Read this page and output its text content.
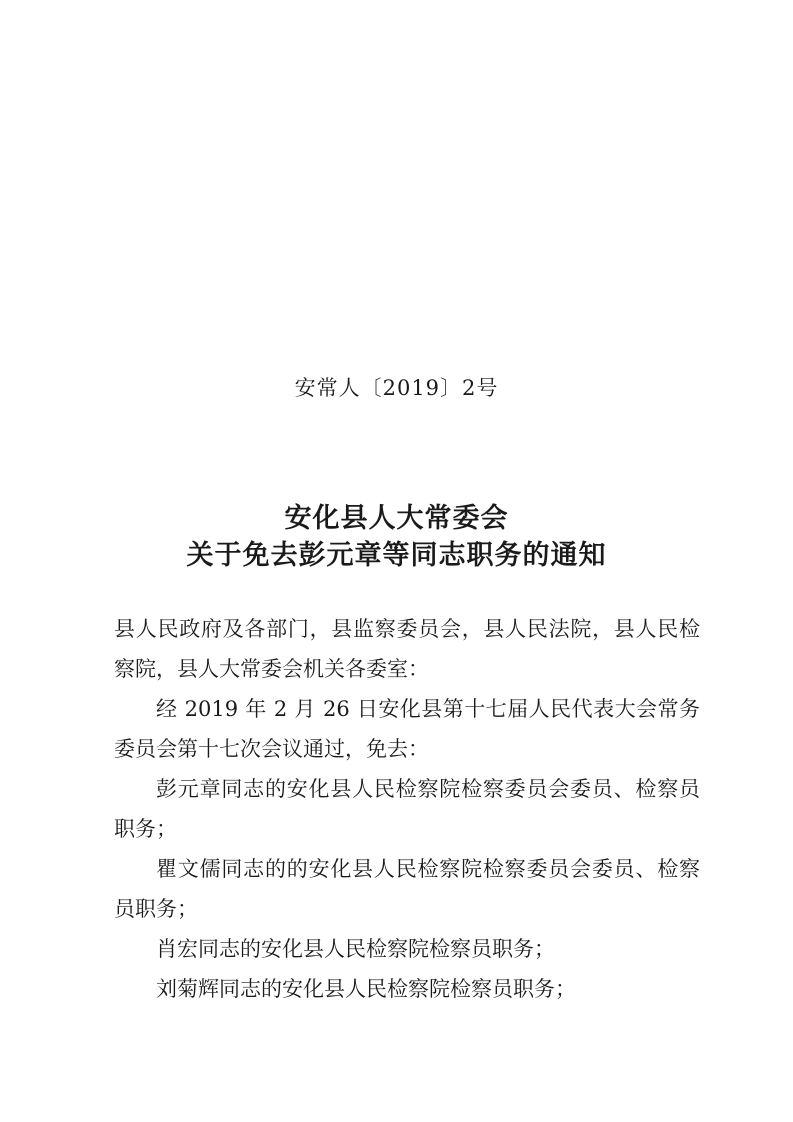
安常人〔2019〕2号
安化县人大常委会
关于免去彭元章等同志职务的通知

县人民政府及各部门，县监察委员会，县人民法院，县人民检察院，县人大常委会机关各委室：

经 2019 年 2 月 26 日安化县第十七届人民代表大会常务委员会第十七次会议通过，免去：

彭元章同志的安化县人民检察院检察委员会委员、检察员职务；

瞿文儒同志的的安化县人民检察院检察委员会委员、检察员职务；

肖宏同志的安化县人民检察院检察员职务；

刘菊辉同志的安化县人民检察院检察员职务；
